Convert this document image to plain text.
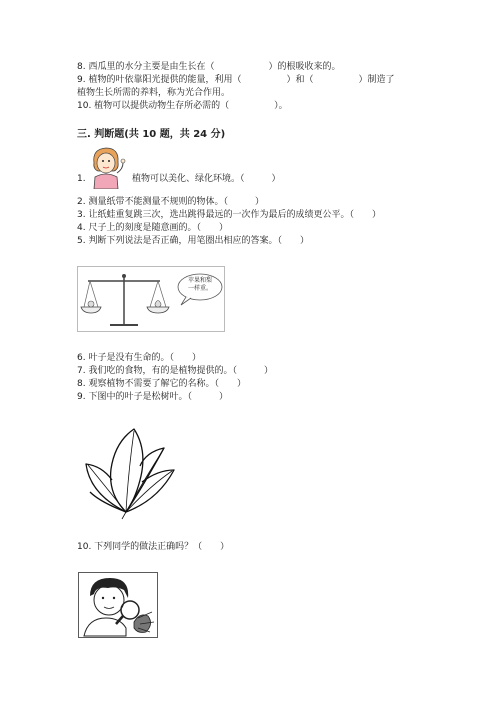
8. 西瓜里的水分主要是由生长在（　　　　　　）的根吸收来的。
9. 植物的叶依靠阳光提供的能量，利用（　　　　　）和（　　　　　）制造了
植物生长所需的养料，称为光合作用。
10. 植物可以提供动物生存所必需的（　　　　　）。
三. 判断题(共 10 题，共 24 分)
1.	植物可以美化、绿化环境。（　　　）
2. 测量纸带不能测量不规则的物体。（　　　）
3. 让纸蛙重复跳三次，选出跳得最远的一次作为最后的成绩更公平。（　　）
4. 尺子上的刻度是随意画的。（　　）
5. 判断下列说法是否正确，用笔圈出相应的答案。（　　）
苹果和梨
一样重。
6. 叶子是没有生命的。（　　）
7. 我们吃的食物，有的是植物提供的。（　　　）
8. 观察植物不需要了解它的名称。（　　）
9. 下图中的叶子是松树叶。（　　　）
10. 下列同学的做法正确吗？（　　）
